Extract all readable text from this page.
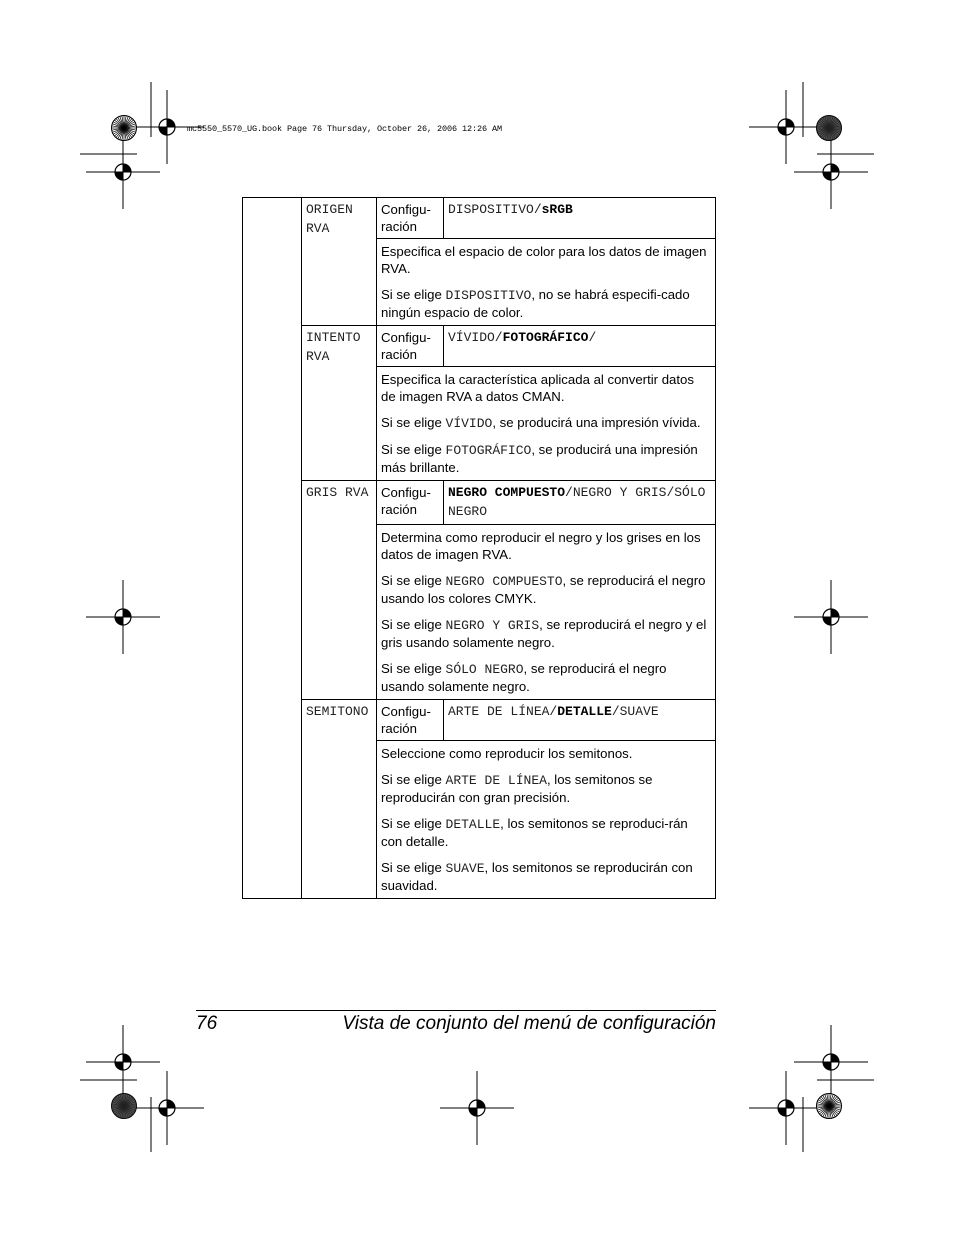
mc5550_5570_UG.book Page 76 Thursday, October 26, 2006 12:26 AM
	ORIGEN RVA	Configu-ración	DISPOSITIVO/sRGB

		Especifica el espacio de color para los datos de imagen RVA.

Si se elige DISPOSITIVO, no se habrá especifi-cado ningún espacio de color.	

	INTENTO RVA	Configu-ración	VÍVIDO/FOTOGRÁFICO/

		Especifica la característica aplicada al convertir datos de imagen RVA a datos CMAN.

Si se elige VÍVIDO, se producirá una impresión vívida.

Si se elige FOTOGRÁFICO, se producirá una impresión más brillante.	

	GRIS RVA	Configu-ración	NEGRO COMPUESTO/NEGRO Y GRIS/SÓLO NEGRO

		Determina como reproducir el negro y los grises en los datos de imagen RVA.

Si se elige NEGRO COMPUESTO, se reproducirá el negro usando los colores CMYK.

Si se elige NEGRO Y GRIS, se reproducirá el negro y el gris usando solamente negro.

Si se elige SÓLO NEGRO, se reproducirá el negro usando solamente negro.	

	SEMITONO	Configu-ración	ARTE DE LÍNEA/DETALLE/SUAVE

		Seleccione como reproducir los semitonos.

Si se elige ARTE DE LÍNEA, los semitonos se reproducirán con gran precisión.

Si se elige DETALLE, los semitonos se reproduci-rán con detalle.

Si se elige SUAVE, los semitonos se reproducirán con suavidad.	

76	Vista de conjunto del menú de configuración
